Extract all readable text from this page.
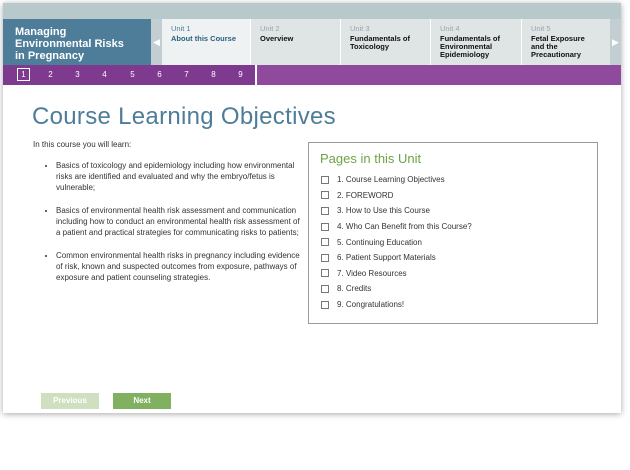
Managing
Environmental Risks
in Pregnancy
◀
Unit 1
About this Course
Unit 2
Overview
Unit 3
Fundamentals of Toxicology
Unit 4
Fundamentals of Environmental Epidemiology
Unit 5
Fetal Exposure and the Precautionary
▶
1	2	3	4	5	6	7	8	9
Course Learning Objectives
In this course you will learn:
• Basics of toxicology and epidemiology including how environmental risks are identified and evaluated and why the embryo/fetus is vulnerable;
• Basics of environmental health risk assessment and communication including how to conduct an environmental health risk assessment of a patient and practical strategies for communicating risks to patients;
• Common environmental health risks in pregnancy including evidence of risk, known and suspected outcomes from exposure, pathways of exposure and patient counseling strategies.
Pages in this Unit
1. Course Learning Objectives
2. FOREWORD
3. How to Use this Course
4. Who Can Benefit from this Course?
5. Continuing Education
6. Patient Support Materials
7. Video Resources
8. Credits
9. Congratulations!
Previous	Next
